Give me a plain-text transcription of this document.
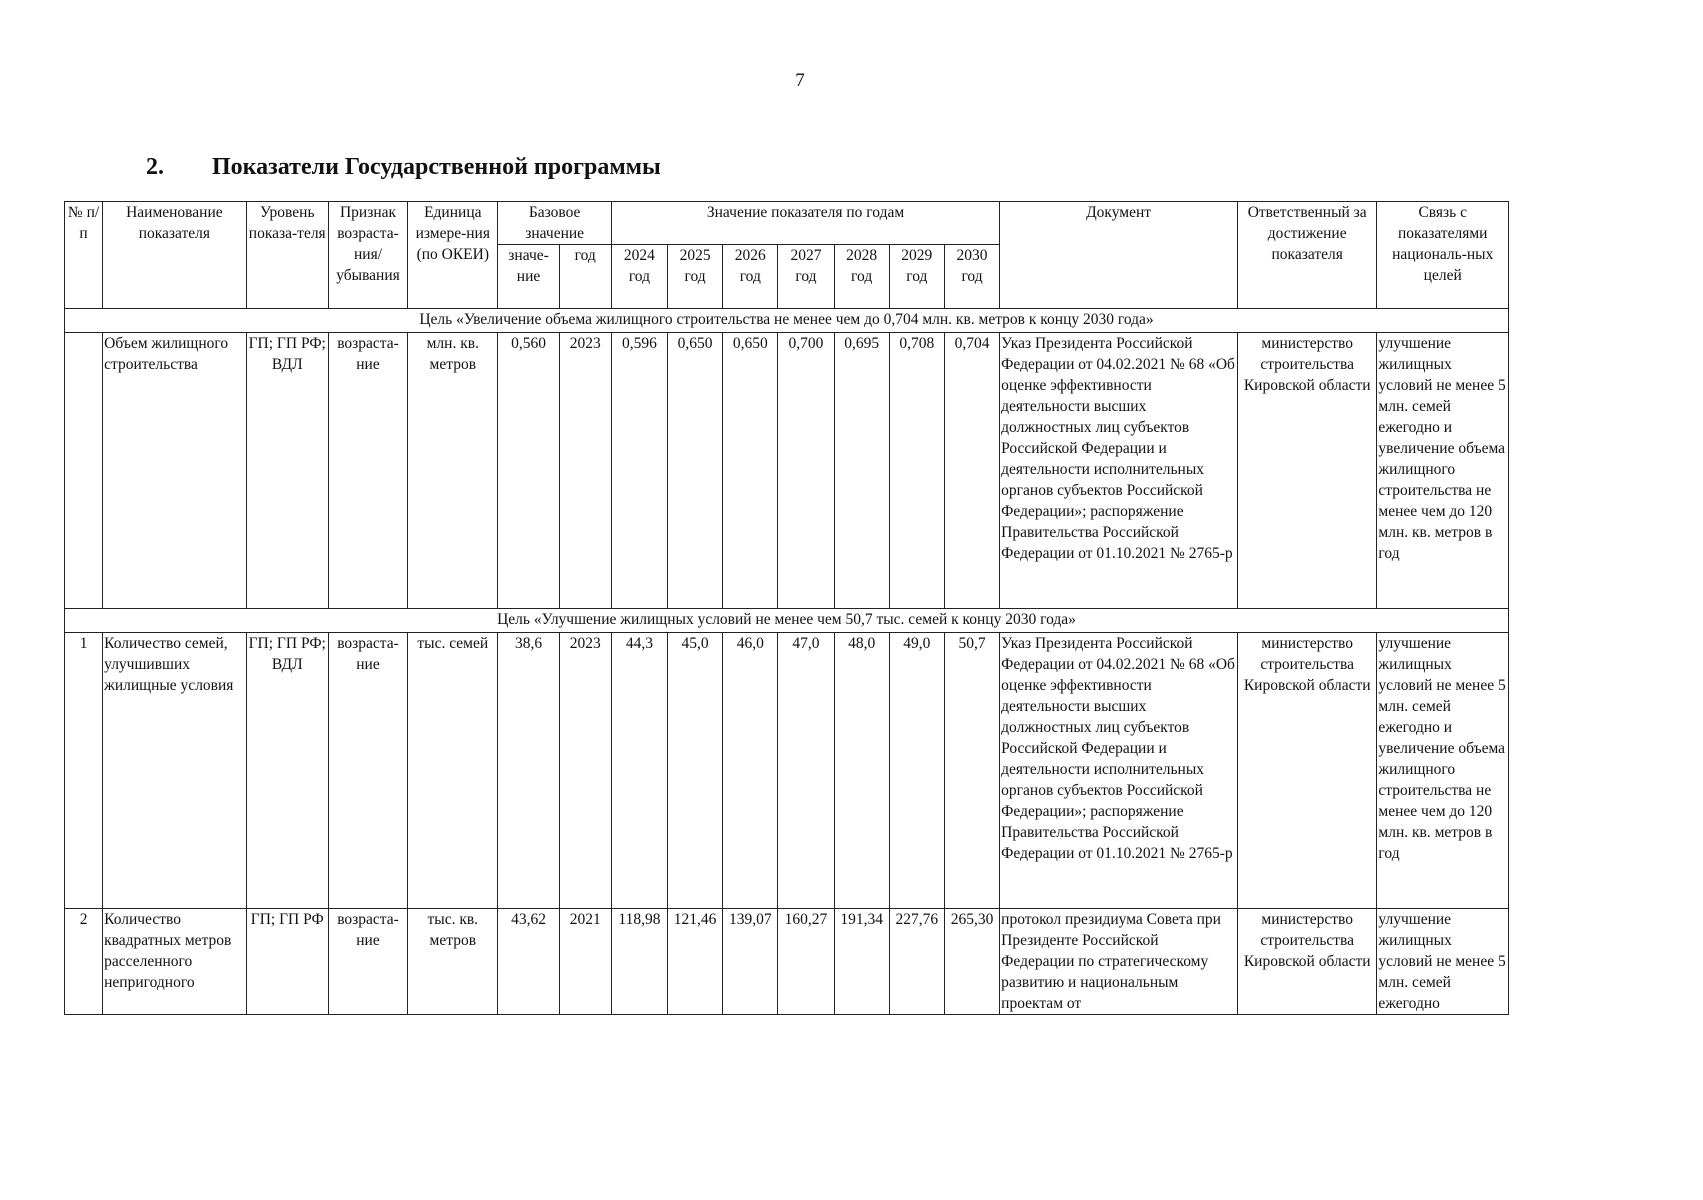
7
2. Показатели Государственной программы
№ п/п	Наименование показателя	Уровень показа-теля	Признак возраста-ния/ убывания	Единица измере-ния (по ОКЕИ)	Базовое значение		Значение показателя по годам							Документ	Ответственный за достижение показателя	Связь с показателями националь-ных целей
					значе-ние	год	2024 год	2025 год	2026 год	2027 год	2028 год	2029 год	2030 год			
Цель «Увеличение объема жилищного строительства не менее чем до 0,704 млн. кв. метров к концу 2030 года»																
	Объем жилищного строительства	ГП; ГП РФ; ВДЛ	возраста-ние	млн. кв. метров	0,560	2023	0,596	0,650	0,650	0,700	0,695	0,708	0,704	Указ Президента Российской Федерации от 04.02.2021 № 68 «Об оценке эффективности деятельности высших должностных лиц субъектов Российской Федерации и деятельности исполнительных органов субъектов Российской Федерации»; распоряжение Правительства Российской Федерации от 01.10.2021 № 2765-р	министерство строительства Кировской области	улучшение жилищных условий не менее 5 млн. семей ежегодно и увеличение объема жилищного строительства не менее чем до 120 млн. кв. метров в год
Цель «Улучшение жилищных условий не менее чем 50,7 тыс. семей к концу 2030 года»																
1	Количество семей, улучшивших жилищные условия	ГП; ГП РФ; ВДЛ	возраста-ние	тыс. семей	38,6	2023	44,3	45,0	46,0	47,0	48,0	49,0	50,7	Указ Президента Российской Федерации от 04.02.2021 № 68 «Об оценке эффективности деятельности высших должностных лиц субъектов Российской Федерации и деятельности исполнительных органов субъектов Российской Федерации»; распоряжение Правительства Российской Федерации от 01.10.2021 № 2765-р	министерство строительства Кировской области	улучшение жилищных условий не менее 5 млн. семей ежегодно и увеличение объема жилищного строительства не менее чем до 120 млн. кв. метров в год
2	Количество квадратных метров расселенного непригодного	ГП; ГП РФ	возраста-ние	тыс. кв. метров	43,62	2021	118,98	121,46	139,07	160,27	191,34	227,76	265,30	протокол президиума Совета при Президенте Российской Федерации по стратегическому развитию и национальным проектам от	министерство строительства Кировской области	улучшение жилищных условий не менее 5 млн. семей ежегодно
